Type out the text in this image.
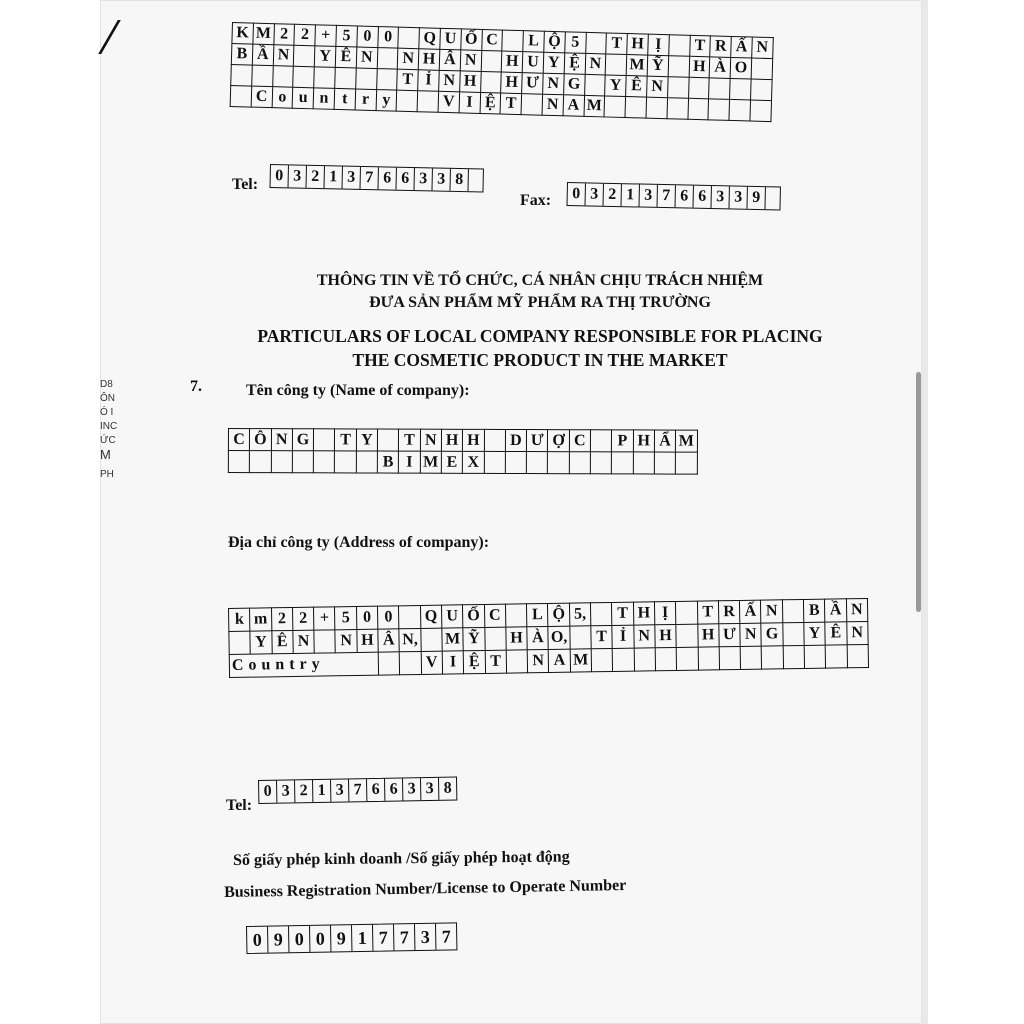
D8
ÔN
Ó I
INC
ỨC
M
PH
K	M	2	2	+	5	0	0		Q	U	Ố	C		L	Ộ	5		T	H	Ị		T	R	Ấ	N
B	Ầ	N		Y	Ê	N		N	H	Â	N		H	U	Y	Ệ	N		M	Ỹ		H	À	O	
								T	Ỉ	N	H		H	Ư	N	G		Y	Ê	N					
	C	o	u	n	t	r	y			V	I	Ệ	T		N	A	M								
Tel:
0 3 2 1 3 7 6 6 3 3 8
Fax: 0 3 2 1 3 7 6 6 3 3 9
THÔNG TIN VỀ TỔ CHỨC, CÁ NHÂN CHỊU TRÁCH NHIỆM
ĐƯA SẢN PHẨM MỸ PHẨM RA THỊ TRƯỜNG
PARTICULARS OF LOCAL COMPANY RESPONSIBLE FOR PLACING
THE COSMETIC PRODUCT IN THE MARKET
7.	Tên công ty (Name of company):
C	Ô	N	G		T	Y		T	N	H	H		D	Ư	Ợ	C		P	H	Ẩ	M
							B	I	M	E	X										
Địa chỉ công ty (Address of company):
k	m	2	2	+	5	0	0		Q	U	Ố	C		L	Ộ	5,		T	H	Ị		T	R	Ấ	N		B	Ầ	N
	Y	Ê	N		N	H	Â	N,		M	Ỹ		H	À	O,		T	Ỉ	N	H		H	Ư	N	G		Y	Ê	N
Country									V	I	Ệ	T		N	A	M													
Tel:
0 3 2 1 3 7 6 6 3 3 8
Số giấy phép kinh doanh /Số giấy phép hoạt động
Business Registration Number/License to Operate Number
0 9 0 0 9 1 7 7 3 7
